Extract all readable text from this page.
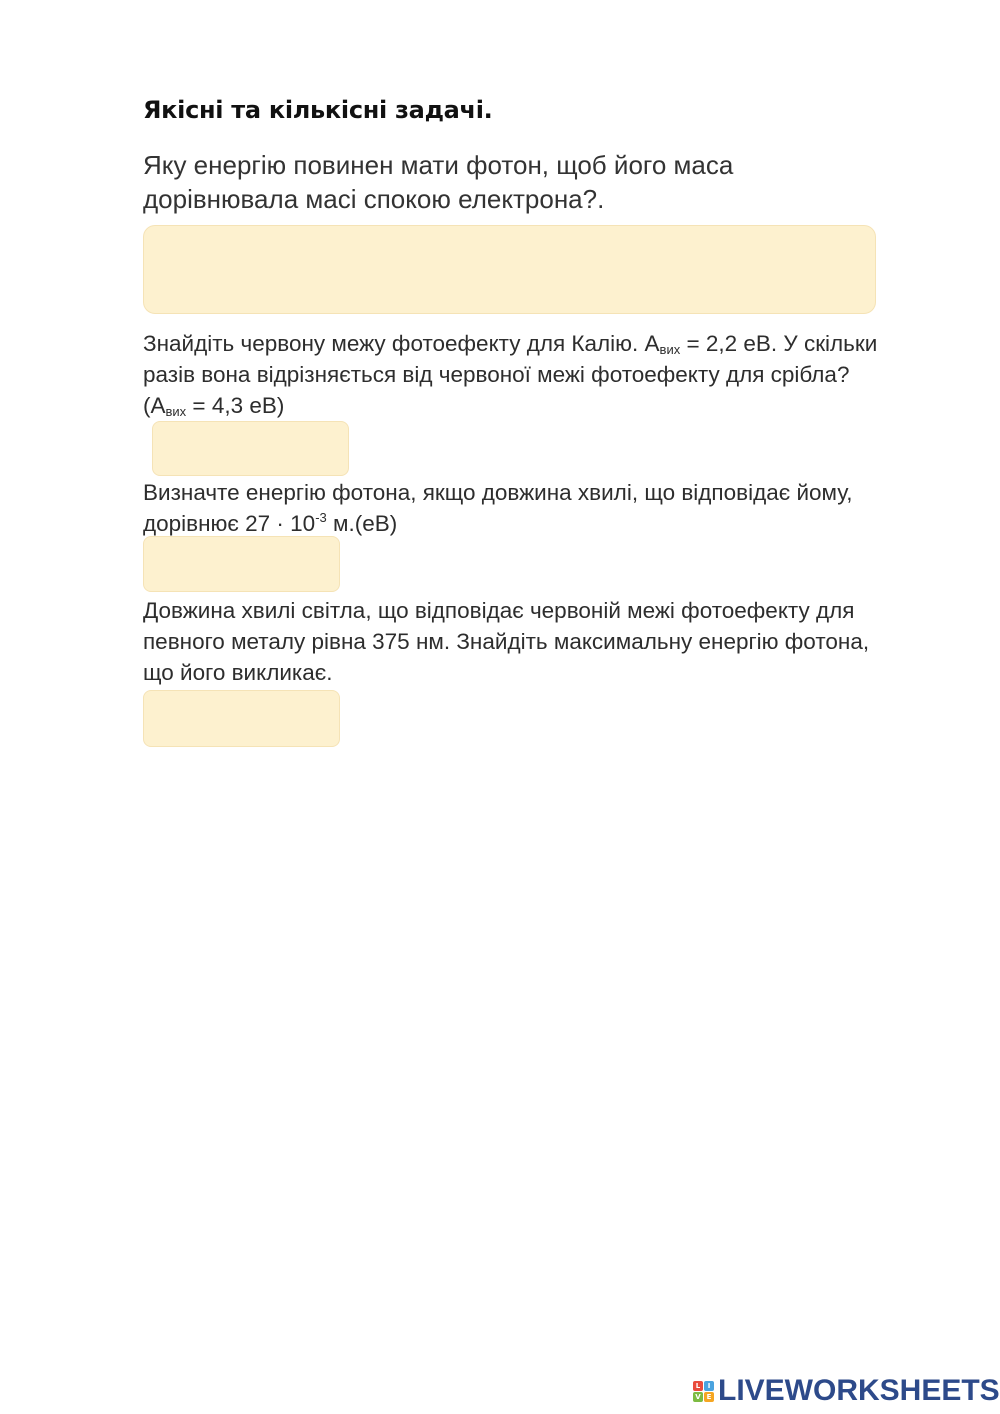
Якісні та кількісні задачі.
Яку енергію повинен мати фотон, щоб його маса
дорівнювала масі спокою електрона?.
Знайдіть червону межу фотоефекту для Калію. $A_{вих} = 2,2$ еВ. У скільки
разів вона відрізняється від червоної межі фотоефекту для срібла?
($A_{вих} = 4,3$ еВ)
Визначте енергію фотона, якщо довжина хвилі, що відповідає йому,
дорівнює $27 \cdot 10^{-3}$ м.(еВ)
Довжина хвилі світла, що відповідає червоній межі фотоефекту для
певного металу рівна 375 нм. Знайдіть максимальну енергію фотона,
що його викликає.
L	I
V E LIVEWORKSHEETS
